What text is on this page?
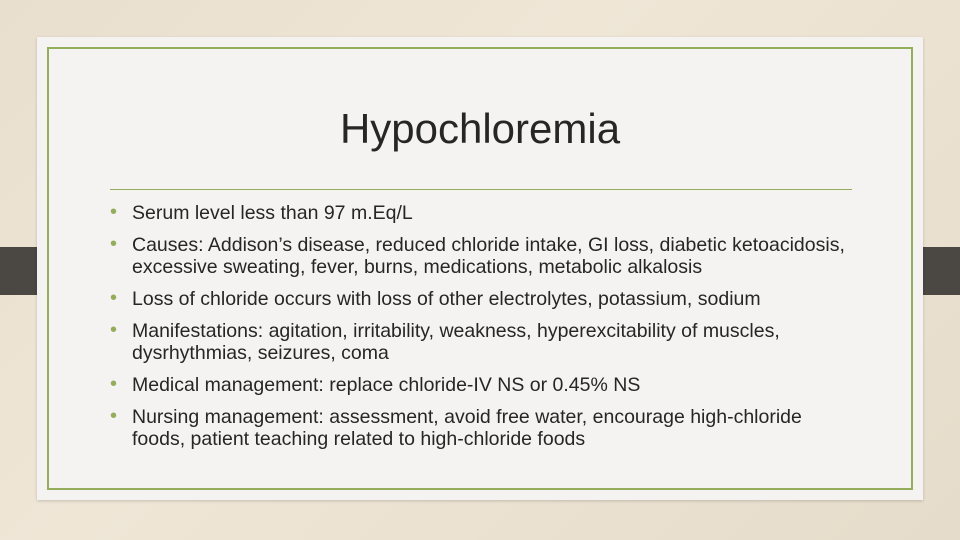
Hypochloremia
• Serum level less than 97 m.Eq/L
• Causes: Addison’s disease, reduced chloride intake, GI loss, diabetic ketoacidosis, excessive sweating, fever, burns, medications, metabolic alkalosis
• Loss of chloride occurs with loss of other electrolytes, potassium, sodium
• Manifestations: agitation, irritability, weakness, hyperexcitability of muscles, dysrhythmias, seizures, coma
• Medical management: replace chloride-IV NS or 0.45% NS
• Nursing management: assessment, avoid free water, encourage high-chloride foods, patient teaching related to high-chloride foods
